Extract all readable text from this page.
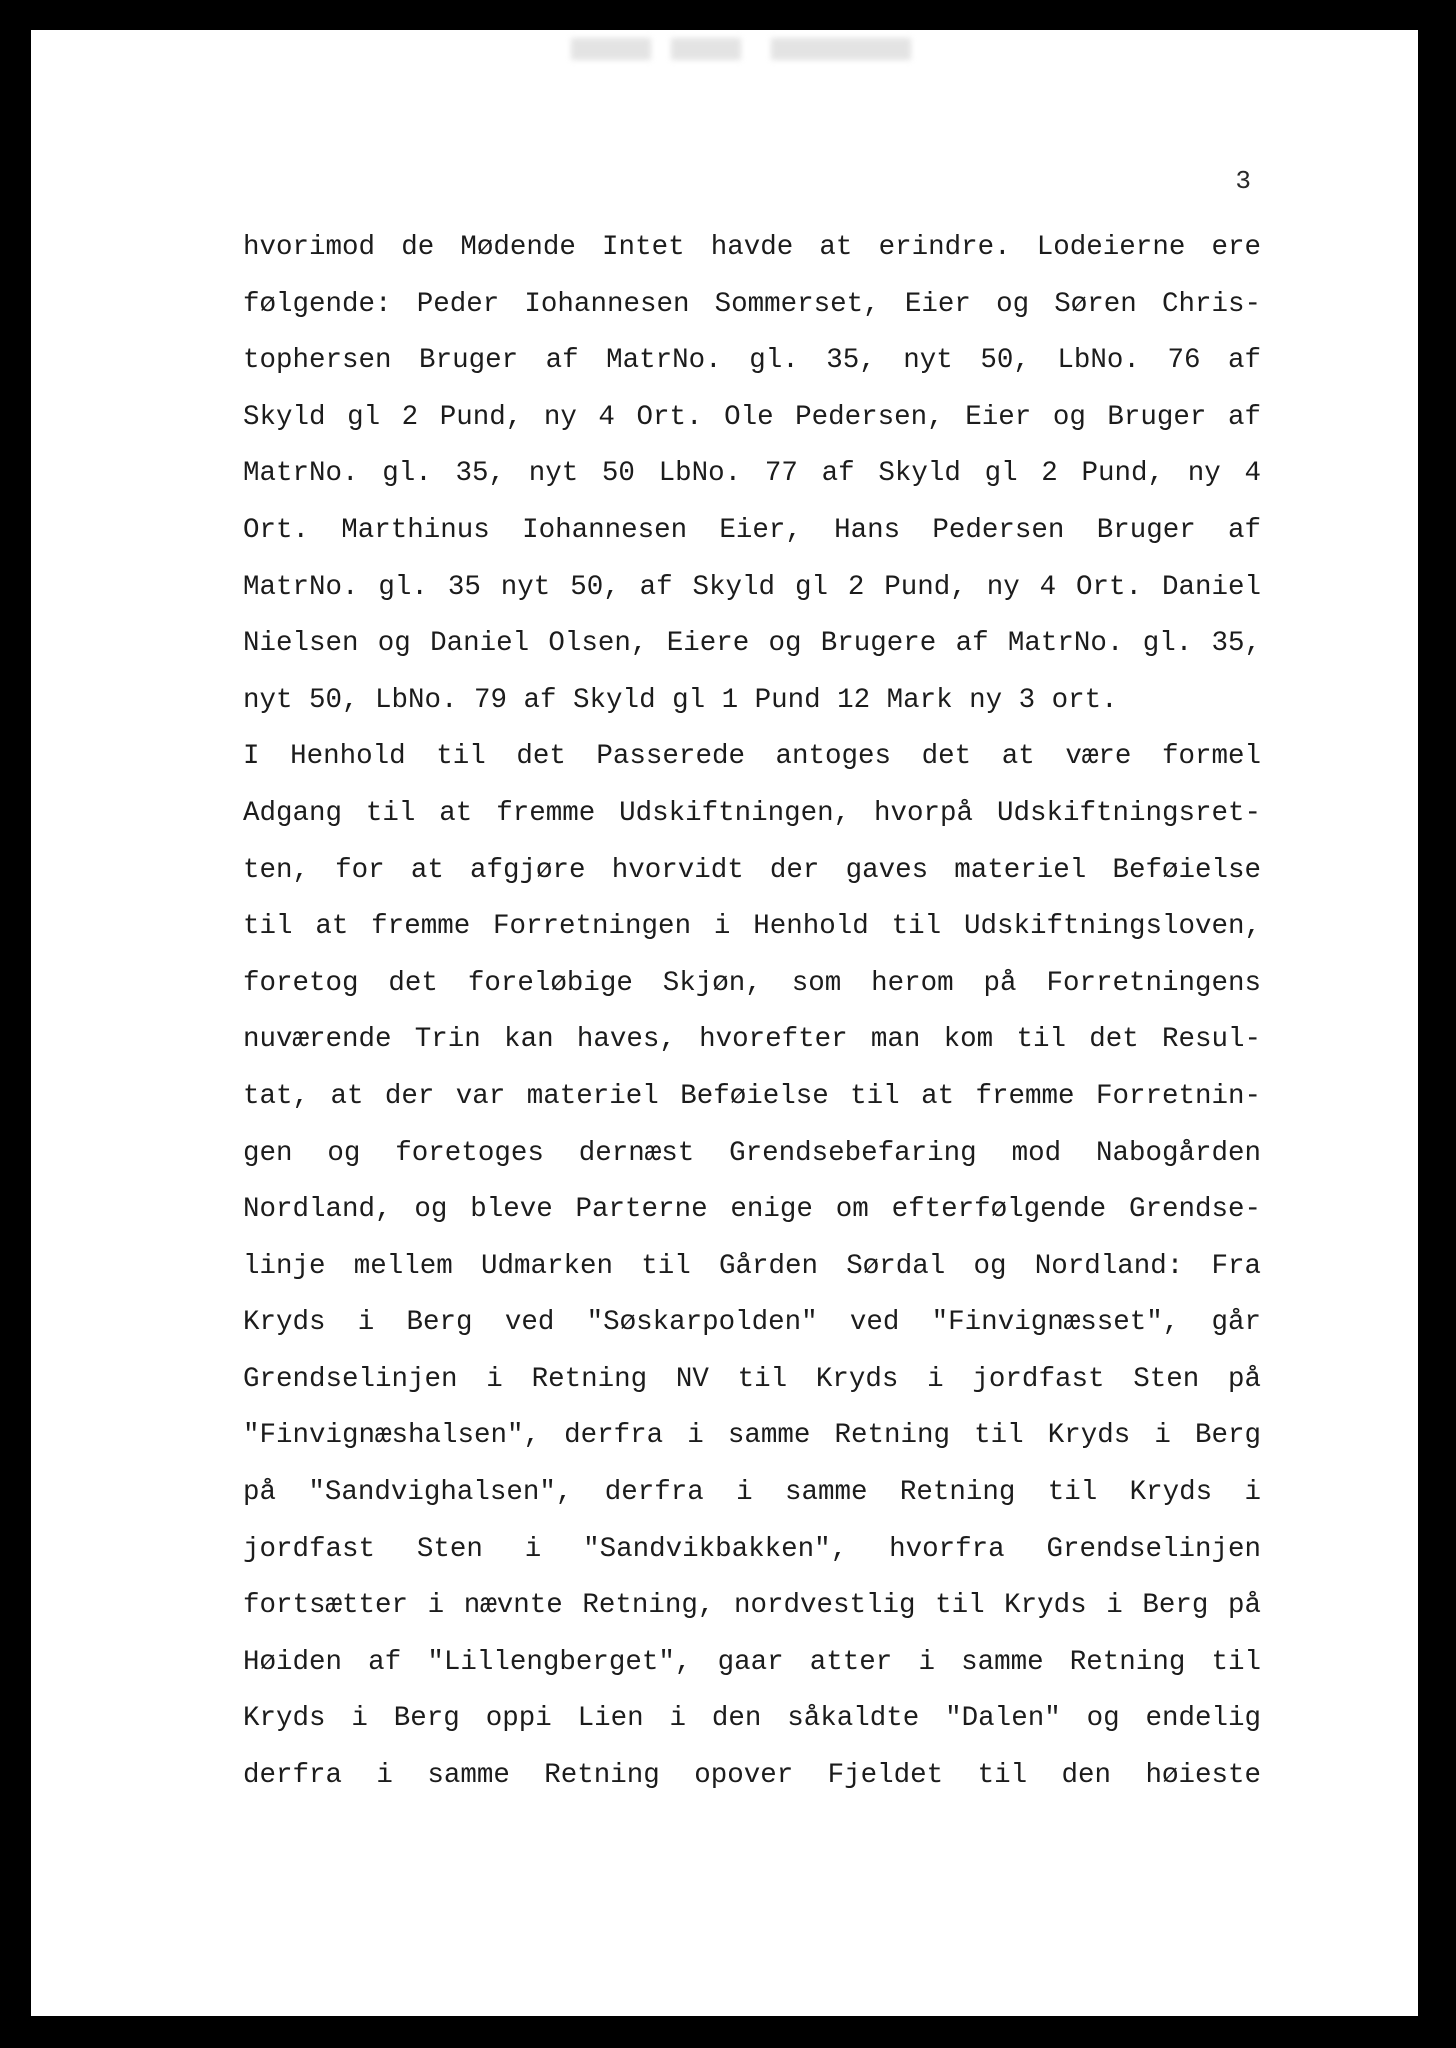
3
hvorimod de Mødende Intet havde at erindre. Lodeierne ere
følgende: Peder Iohannesen Sommerset, Eier og Søren Chris-
tophersen Bruger af MatrNo. gl. 35, nyt 50, LbNo. 76 af
Skyld gl 2 Pund, ny 4 Ort. Ole Pedersen, Eier og Bruger af
MatrNo. gl. 35, nyt 50 LbNo. 77 af Skyld gl 2 Pund, ny 4
Ort. Marthinus Iohannesen Eier, Hans Pedersen Bruger af
MatrNo. gl. 35 nyt 50, af Skyld gl 2 Pund, ny 4 Ort. Daniel
Nielsen og Daniel Olsen, Eiere og Brugere af MatrNo. gl. 35,
nyt 50, LbNo. 79 af Skyld gl 1 Pund 12 Mark ny 3 ort.
I Henhold til det Passerede antoges det at være formel
Adgang til at fremme Udskiftningen, hvorpå Udskiftningsret-
ten, for at afgjøre hvorvidt der gaves materiel Beføielse
til at fremme Forretningen i Henhold til Udskiftningsloven,
foretog det foreløbige Skjøn, som herom på Forretningens
nuværende Trin kan haves, hvorefter man kom til det Resul-
tat, at der var materiel Beføielse til at fremme Forretnin-
gen og foretoges dernæst Grendsebefaring mod Nabogården
Nordland, og bleve Parterne enige om efterfølgende Grendse-
linje mellem Udmarken til Gården Sørdal og Nordland: Fra
Kryds i Berg ved "Søskarpolden" ved "Finvignæsset", går
Grendselinjen i Retning NV til Kryds i jordfast Sten på
"Finvignæshalsen", derfra i samme Retning til Kryds i Berg
på "Sandvighalsen", derfra i samme Retning til Kryds i
jordfast Sten i "Sandvikbakken", hvorfra Grendselinjen
fortsætter i nævnte Retning, nordvestlig til Kryds i Berg på
Høiden af "Lillengberget", gaar atter i samme Retning til
Kryds i Berg oppi Lien i den såkaldte "Dalen" og endelig
derfra i samme Retning opover Fjeldet til den høieste
